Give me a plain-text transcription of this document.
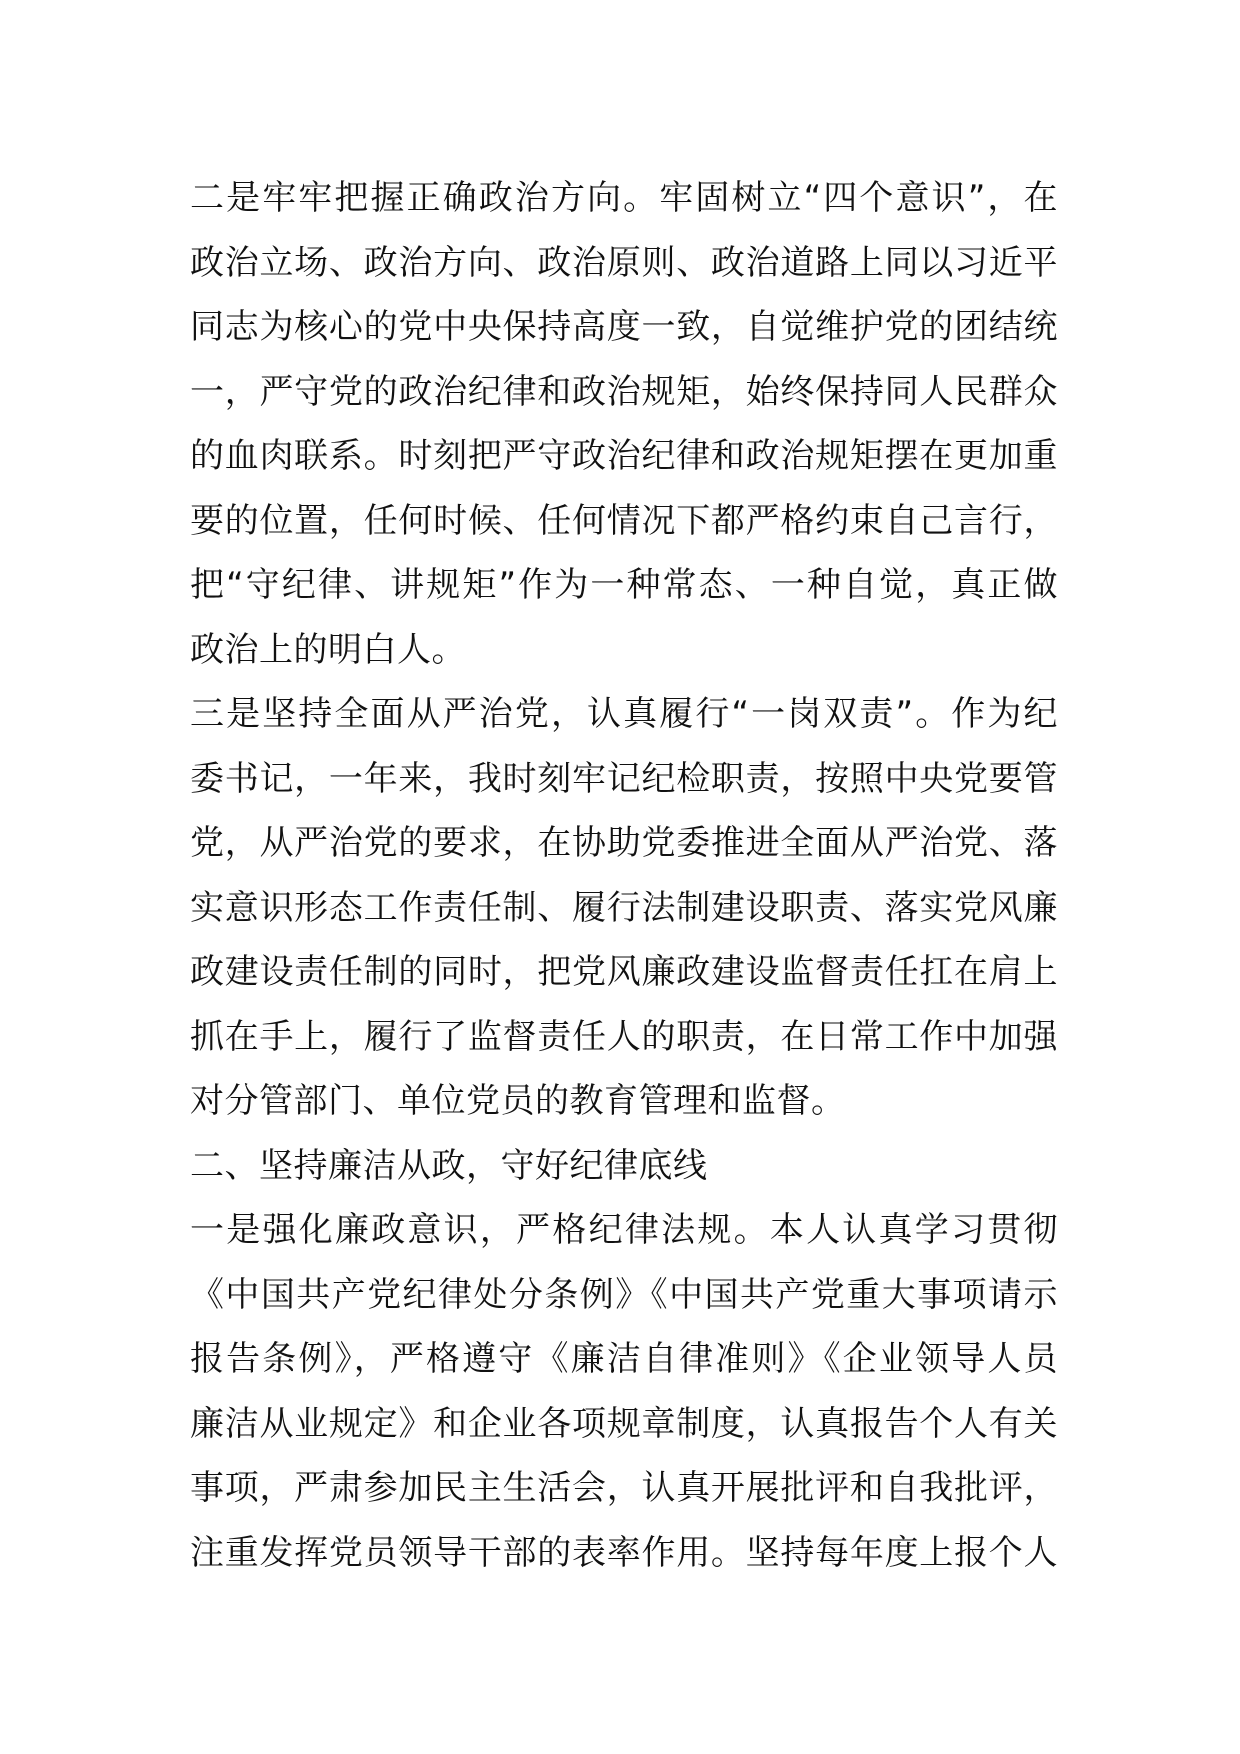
二是牢牢把握正确政治方向。牢固树立“四个意识”，在
政治立场、政治方向、政治原则、政治道路上同以习近平
同志为核心的党中央保持高度一致，自觉维护党的团结统
一，严守党的政治纪律和政治规矩，始终保持同人民群众
的血肉联系。时刻把严守政治纪律和政治规矩摆在更加重
要的位置，任何时候、任何情况下都严格约束自己言行，
把“守纪律、讲规矩”作为一种常态、一种自觉，真正做
政治上的明白人。
三是坚持全面从严治党，认真履行“一岗双责”。作为纪
委书记，一年来，我时刻牢记纪检职责，按照中央党要管
党，从严治党的要求，在协助党委推进全面从严治党、落
实意识形态工作责任制、履行法制建设职责、落实党风廉
政建设责任制的同时，把党风廉政建设监督责任扛在肩上
抓在手上，履行了监督责任人的职责，在日常工作中加强
对分管部门、单位党员的教育管理和监督。
二、坚持廉洁从政，守好纪律底线
一是强化廉政意识，严格纪律法规。本人认真学习贯彻
《中国共产党纪律处分条例》《中国共产党重大事项请示
报告条例》，严格遵守《廉洁自律准则》《企业领导人员
廉洁从业规定》和企业各项规章制度，认真报告个人有关
事项，严肃参加民主生活会，认真开展批评和自我批评，
注重发挥党员领导干部的表率作用。坚持每年度上报个人
